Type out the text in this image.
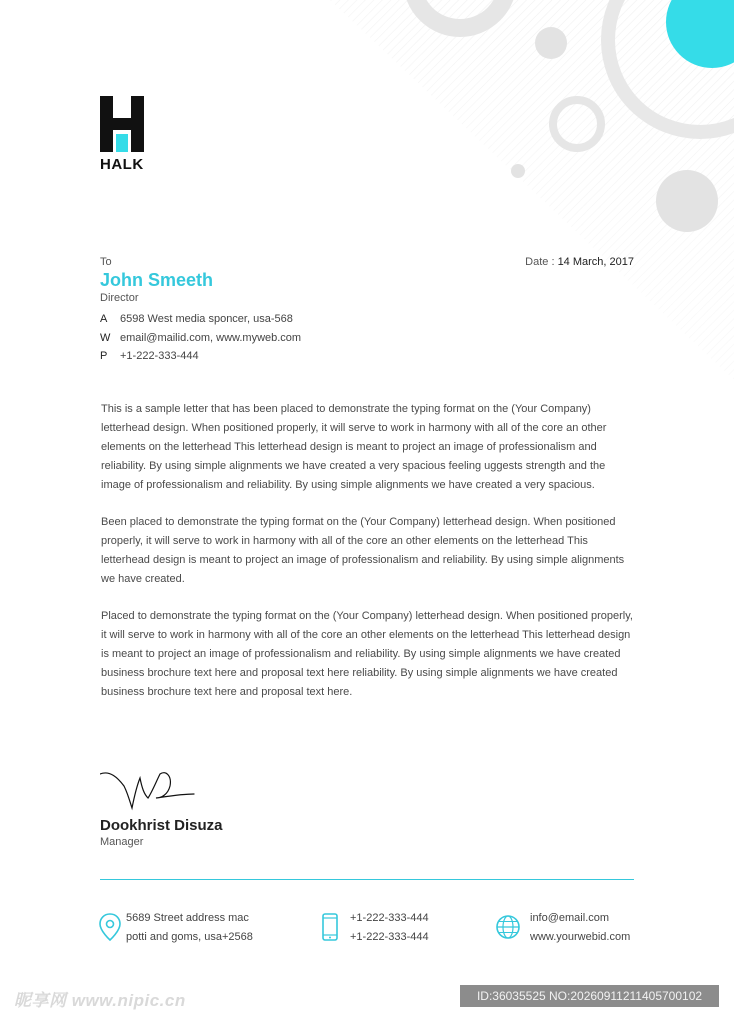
HALK
To
John Smeeth
Director
Date : 14 March, 2017
A	6598 West media sponcer, usa-568
W email@mailid.com, www.myweb.com
P	+1-222-333-444

This is a sample letter that has been placed to demonstrate the typing format on the (Your Company) letterhead design. When positioned properly, it will serve to work in harmony with all of the core an other elements on the letterhead This letterhead design is meant to project an image of professionalism and reliability. By using simple alignments we have created a very spacious feeling uggests strength and the image of professionalism and reliability. By using simple alignments we have created a very spacious.

Been placed to demonstrate the typing format on the (Your Company) letterhead design. When positioned properly, it will serve to work in harmony with all of the core an other elements on the letterhead This letterhead design is meant to project an image of professionalism and reliability. By using simple alignments we have created.

Placed to demonstrate the typing format on the (Your Company) letterhead design. When positioned properly, it will serve to work in harmony with all of the core an other elements on the letterhead This letterhead design is meant to project an image of professionalism and reliability. By using simple alignments we have created business brochure text here and proposal text here reliability. By using simple alignments we have created business brochure text here and proposal text here.

Dookhrist Disuza
Manager
5689 Street address mac
potti and goms, usa+2568
+1-222-333-444
+1-222-333-444
info@email.com
www.yourwebid.com
昵享网 www.nipic.cn	ID:36035525 NO:20260911211405700102
